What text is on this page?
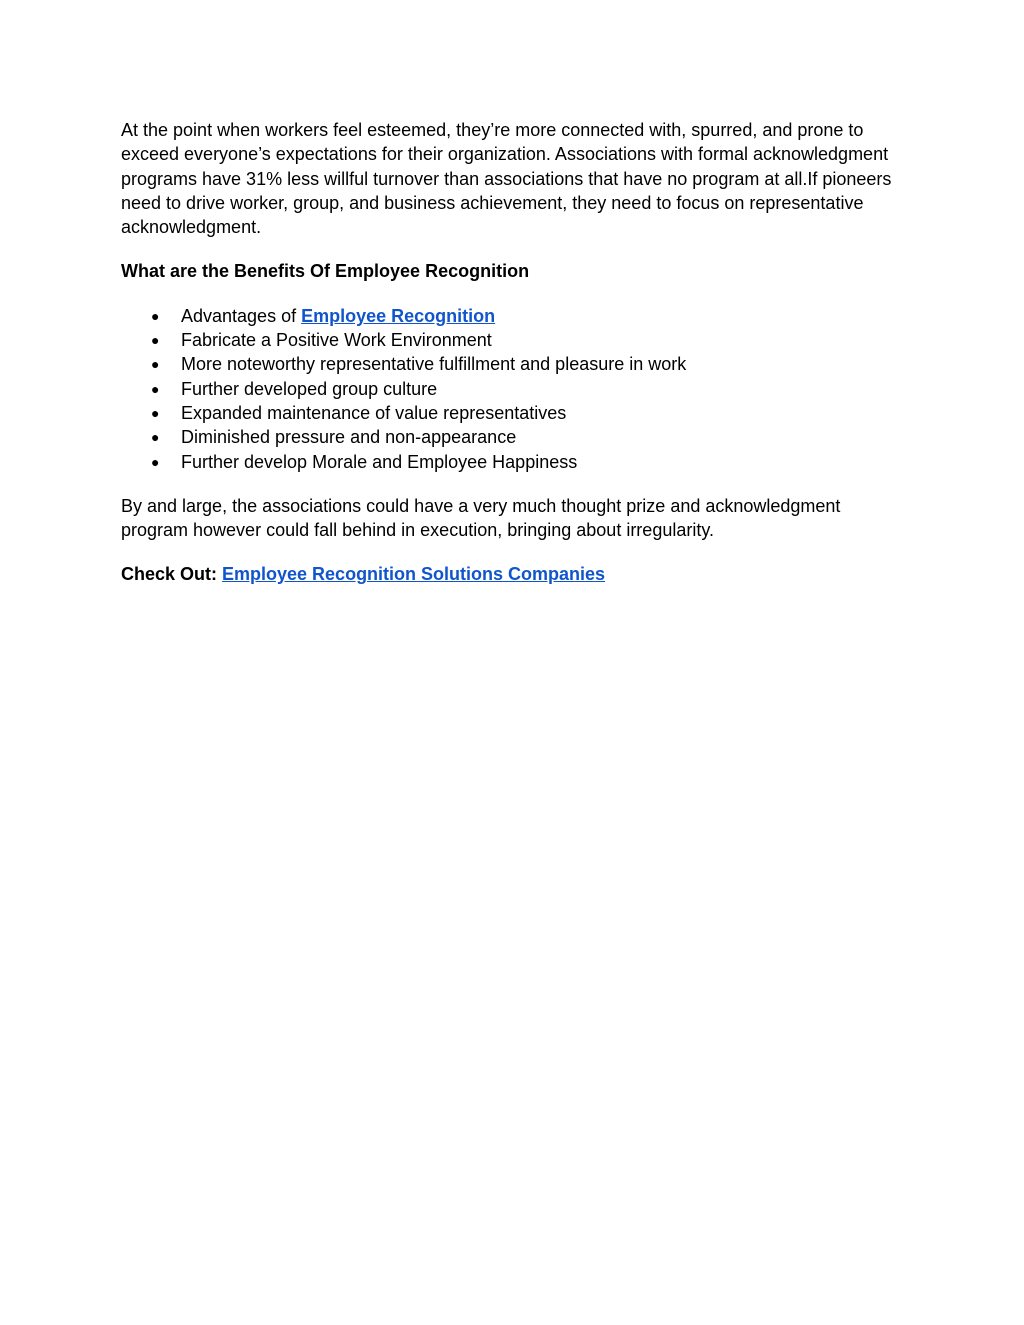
At the point when workers feel esteemed, they’re more connected with, spurred, and prone to exceed everyone’s expectations for their organization. Associations with formal acknowledgment programs have 31% less willful turnover than associations that have no program at all.If pioneers need to drive worker, group, and business achievement, they need to focus on representative acknowledgment.

What are the Benefits Of Employee Recognition

● Advantages of Employee Recognition
● Fabricate a Positive Work Environment
● More noteworthy representative fulfillment and pleasure in work
● Further developed group culture
● Expanded maintenance of value representatives
● Diminished pressure and non-appearance
● Further develop Morale and Employee Happiness

By and large, the associations could have a very much thought prize and acknowledgment program however could fall behind in execution, bringing about irregularity.

Check Out: Employee Recognition Solutions Companies
